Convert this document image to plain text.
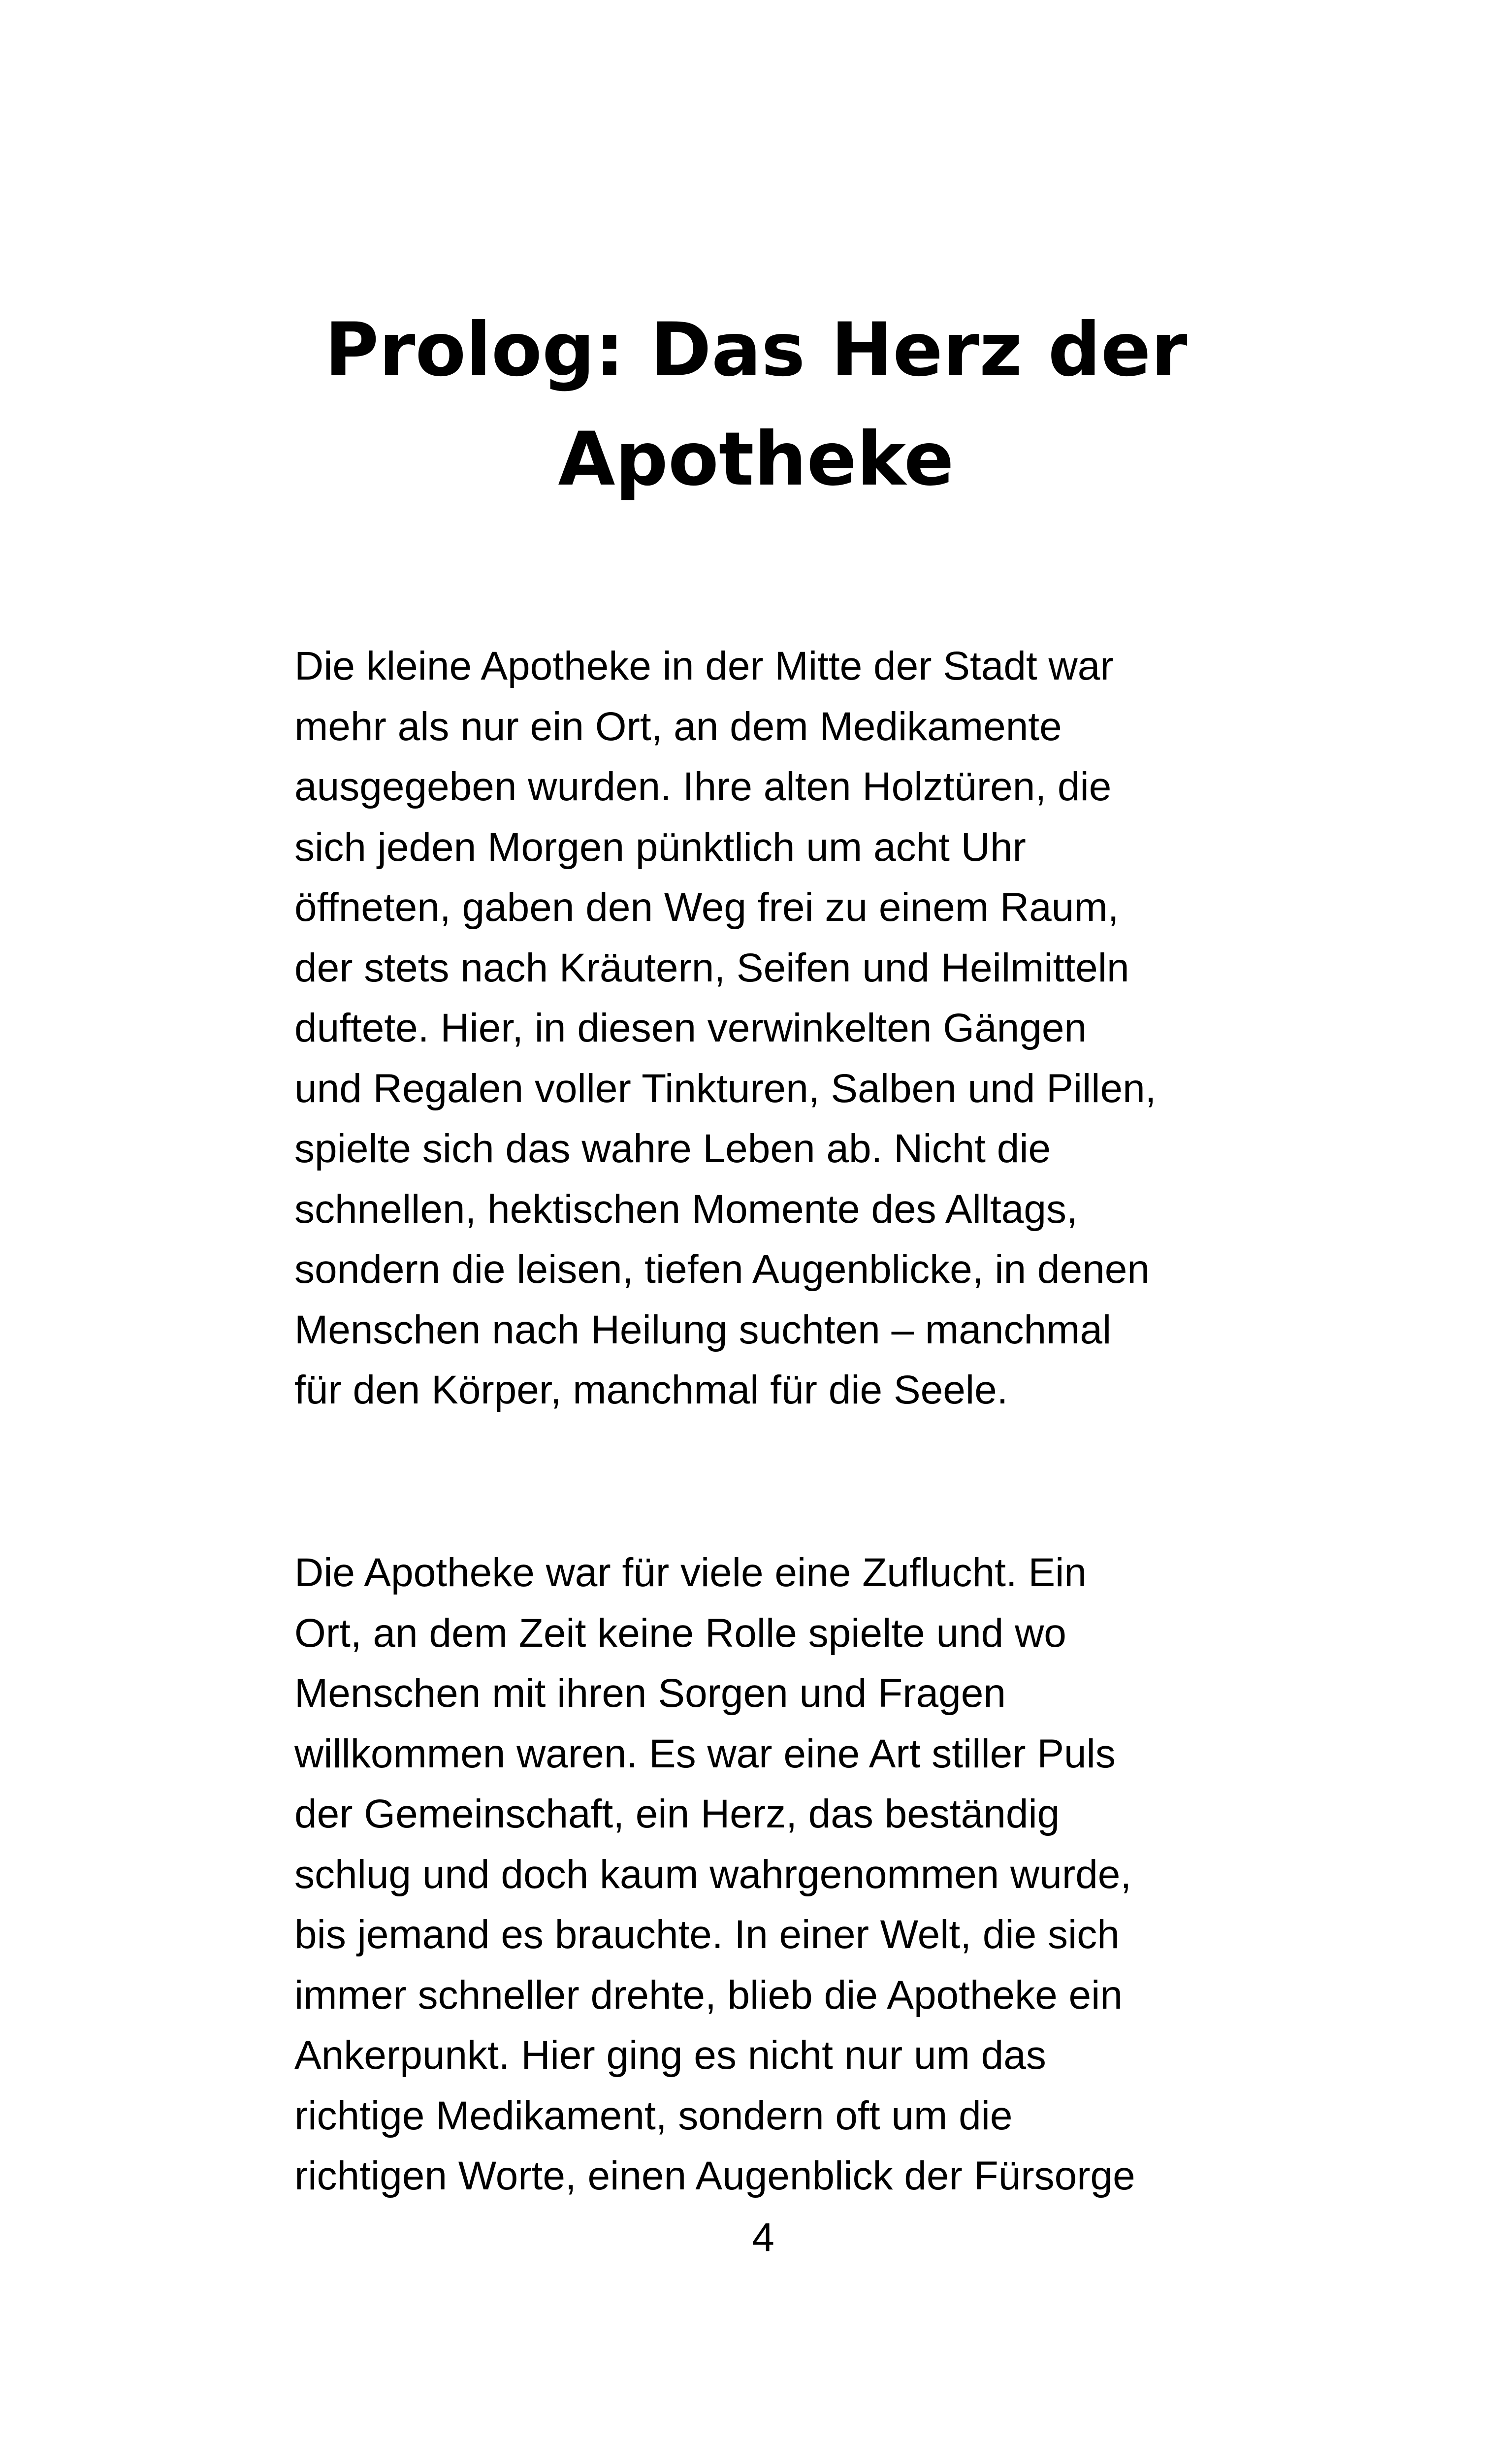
Prolog: Das Herz der
Apotheke

Die kleine Apotheke in der Mitte der Stadt war
mehr als nur ein Ort, an dem Medikamente
ausgegeben wurden. Ihre alten Holztüren, die
sich jeden Morgen pünktlich um acht Uhr
öffneten, gaben den Weg frei zu einem Raum,
der stets nach Kräutern, Seifen und Heilmitteln
duftete. Hier, in diesen verwinkelten Gängen
und Regalen voller Tinkturen, Salben und Pillen,
spielte sich das wahre Leben ab. Nicht die
schnellen, hektischen Momente des Alltags,
sondern die leisen, tiefen Augenblicke, in denen
Menschen nach Heilung suchten – manchmal
für den Körper, manchmal für die Seele.

Die Apotheke war für viele eine Zuflucht. Ein
Ort, an dem Zeit keine Rolle spielte und wo
Menschen mit ihren Sorgen und Fragen
willkommen waren. Es war eine Art stiller Puls
der Gemeinschaft, ein Herz, das beständig
schlug und doch kaum wahrgenommen wurde,
bis jemand es brauchte. In einer Welt, die sich
immer schneller drehte, blieb die Apotheke ein
Ankerpunkt. Hier ging es nicht nur um das
richtige Medikament, sondern oft um die
richtigen Worte, einen Augenblick der Fürsorge

4
